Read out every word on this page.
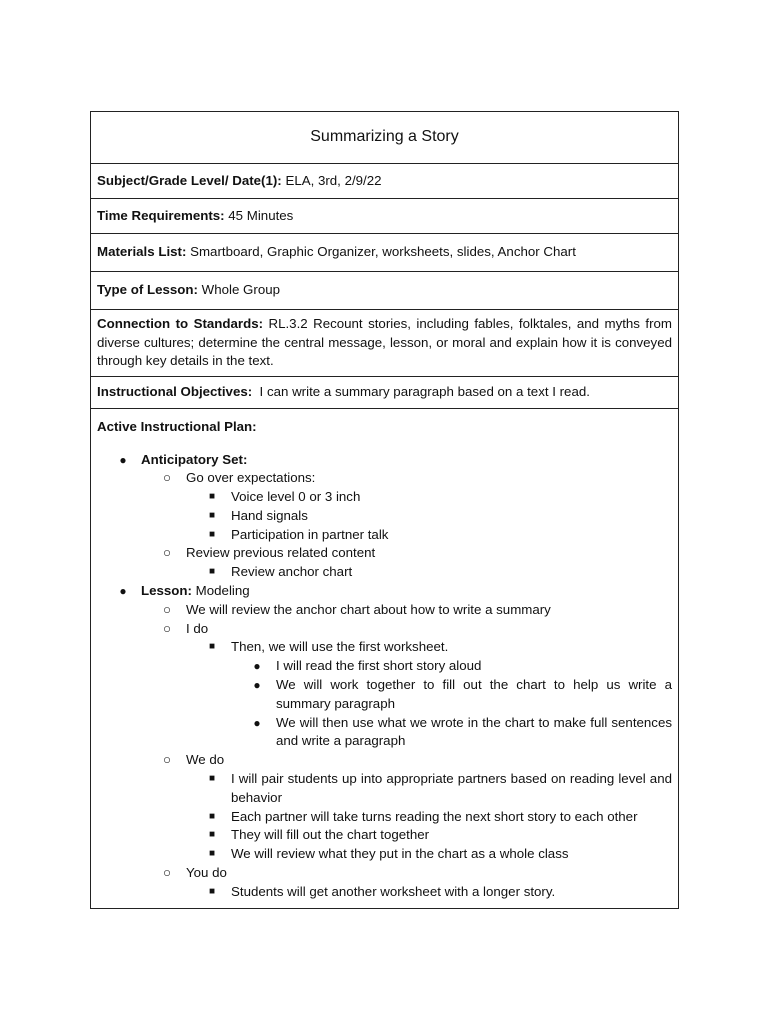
Summarizing a Story
Subject/Grade Level/ Date(1): ELA, 3rd, 2/9/22
Time Requirements: 45 Minutes
Materials List: Smartboard, Graphic Organizer, worksheets, slides, Anchor Chart
Type of Lesson: Whole Group
Connection to Standards: RL.3.2 Recount stories, including fables, folktales, and myths from diverse cultures; determine the central message, lesson, or moral and explain how it is conveyed through key details in the text.
Instructional Objectives:  I can write a summary paragraph based on a text I read.

Active Instructional Plan:
●	Anticipatory Set:
○	Go over expectations:
■	Voice level 0 or 3 inch
■	Hand signals
■	Participation in partner talk
○	Review previous related content
■	Review anchor chart
●	Lesson: Modeling
○	We will review the anchor chart about how to write a summary
○	I do
■	Then, we will use the first worksheet.
●	I will read the first short story aloud
●	We will work together to fill out the chart to help us write a summary paragraph
●	We will then use what we wrote in the chart to make full sentences and write a paragraph
○	We do
■	I will pair students up into appropriate partners based on reading level and behavior
■	Each partner will take turns reading the next short story to each other
■	They will fill out the chart together
■	We will review what they put in the chart as a whole class
○	You do
■	Students will get another worksheet with a longer story.
